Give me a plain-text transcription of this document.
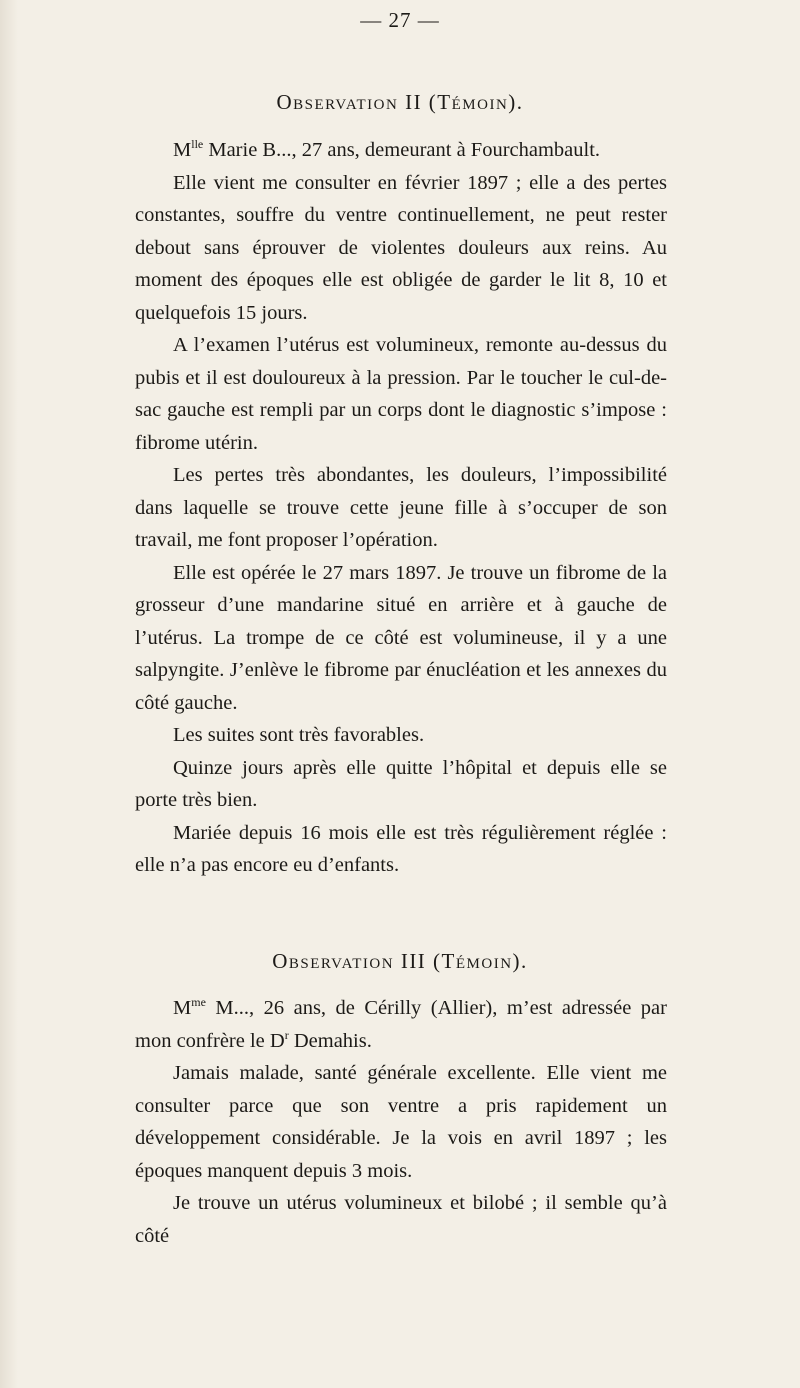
— 27 —
Observation II (Témoin).

$M^{lle}$ Marie B..., 27 ans, demeurant à Fourchambault.

Elle vient me consulter en février 1897 ; elle a des pertes constantes, souffre du ventre continuellement, ne peut rester debout sans éprouver de violentes douleurs aux reins. Au moment des époques elle est obligée de garder le lit 8, 10 et quelquefois 15 jours.

A l’examen l’utérus est volumineux, remonte au-dessus du pubis et il est douloureux à la pression. Par le toucher le cul-de-sac gauche est rempli par un corps dont le diagnostic s’impose : fibrome utérin.

Les pertes très abondantes, les douleurs, l’impossibilité dans laquelle se trouve cette jeune fille à s’occuper de son travail, me font proposer l’opération.

Elle est opérée le 27 mars 1897. Je trouve un fibrome de la grosseur d’une mandarine situé en arrière et à gauche de l’utérus. La trompe de ce côté est volumineuse, il y a une salpyngite. J’enlève le fibrome par énucléation et les annexes du côté gauche.

Les suites sont très favorables.

Quinze jours après elle quitte l’hôpital et depuis elle se porte très bien.

Mariée depuis 16 mois elle est très régulièrement réglée : elle n’a pas encore eu d’enfants.

Observation III (Témoin).

$M^{me}$ M..., 26 ans, de Cérilly (Allier), m’est adressée par mon confrère le $D^r$ Demahis.

Jamais malade, santé générale excellente. Elle vient me consulter parce que son ventre a pris rapidement un développement considérable. Je la vois en avril 1897 ; les époques manquent depuis 3 mois.

Je trouve un utérus volumineux et bilobé ; il semble qu’à côté
